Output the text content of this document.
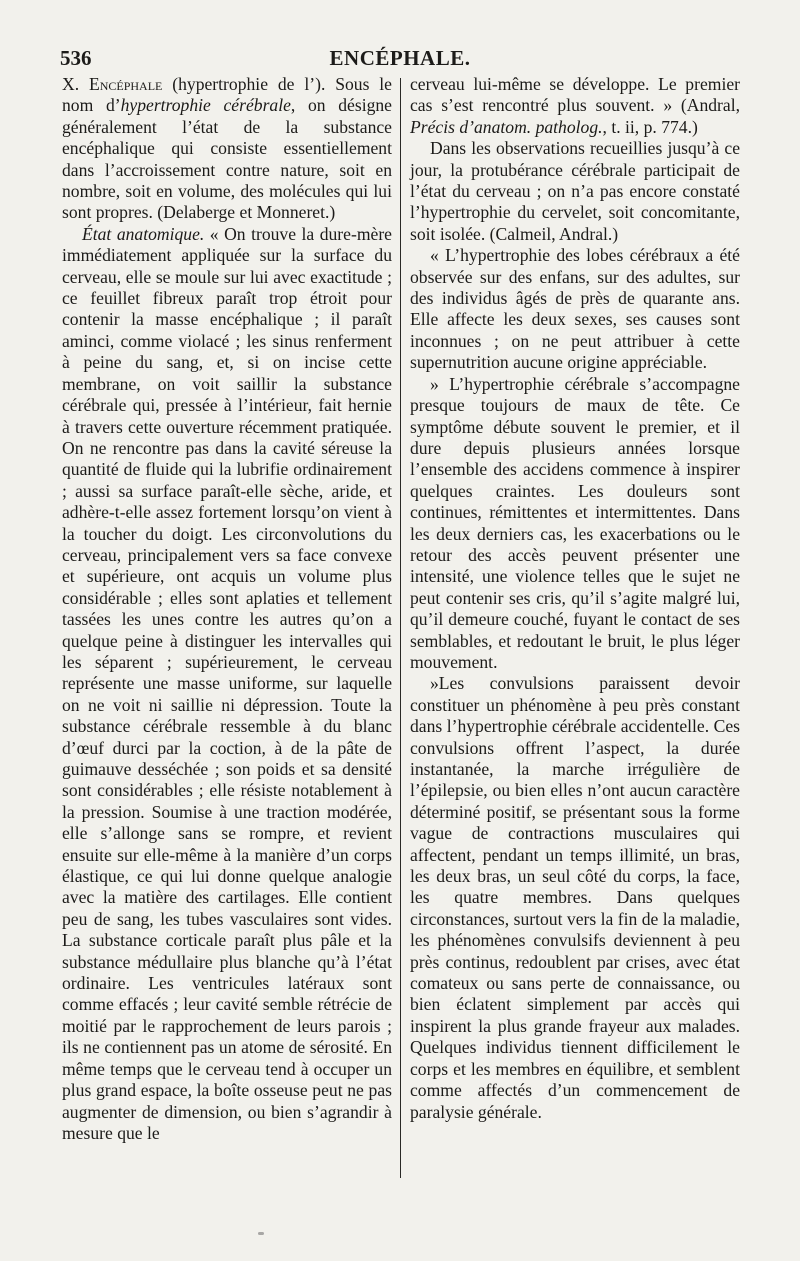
536	ENCÉPHALE.

X. Encéphale (hypertrophie de l’). Sous le nom d’hypertrophie cérébrale, on désigne généralement l’état de la substance encéphalique qui consiste essentiellement dans l’accroissement contre nature, soit en nombre, soit en volume, des molécules qui lui sont propres. (Delaberge et Monneret.)

État anatomique. « On trouve la dure-mère immédiatement appliquée sur la surface du cerveau, elle se moule sur lui avec exactitude ; ce feuillet fibreux paraît trop étroit pour contenir la masse encéphalique ; il paraît aminci, comme violacé ; les sinus renferment à peine du sang, et, si on incise cette membrane, on voit saillir la substance cérébrale qui, pressée à l’intérieur, fait hernie à travers cette ouverture récemment pratiquée. On ne rencontre pas dans la cavité séreuse la quantité de fluide qui la lubrifie ordinairement ; aussi sa surface paraît-elle sèche, aride, et adhère-t-elle assez fortement lorsqu’on vient à la toucher du doigt. Les circonvolutions du cerveau, principalement vers sa face convexe et supérieure, ont acquis un volume plus considérable ; elles sont aplaties et tellement tassées les unes contre les autres qu’on a quelque peine à distinguer les intervalles qui les séparent ; supérieurement, le cerveau représente une masse uniforme, sur laquelle on ne voit ni saillie ni dépression. Toute la substance cérébrale ressemble à du blanc d’œuf durci par la coction, à de la pâte de guimauve desséchée ; son poids et sa densité sont considérables ; elle résiste notablement à la pression. Soumise à une traction modérée, elle s’allonge sans se rompre, et revient ensuite sur elle-même à la manière d’un corps élastique, ce qui lui donne quelque analogie avec la matière des cartilages. Elle contient peu de sang, les tubes vasculaires sont vides. La substance corticale paraît plus pâle et la substance médullaire plus blanche qu’à l’état ordinaire. Les ventricules latéraux sont comme effacés ; leur cavité semble rétrécie de moitié par le rapprochement de leurs parois ; ils ne contiennent pas un atome de sérosité. En même temps que le cerveau tend à occuper un plus grand espace, la boîte osseuse peut ne pas augmenter de dimension, ou bien s’agrandir à mesure que le

cerveau lui-même se développe. Le premier cas s’est rencontré plus souvent. » (Andral, Précis d’anatom. patholog., t. ii, p. 774.)

Dans les observations recueillies jusqu’à ce jour, la protubérance cérébrale participait de l’état du cerveau ; on n’a pas encore constaté l’hypertrophie du cervelet, soit concomitante, soit isolée. (Calmeil, Andral.)

« L’hypertrophie des lobes cérébraux a été observée sur des enfans, sur des adultes, sur des individus âgés de près de quarante ans. Elle affecte les deux sexes, ses causes sont inconnues ; on ne peut attribuer à cette supernutrition aucune origine appréciable.

» L’hypertrophie cérébrale s’accompagne presque toujours de maux de tête. Ce symptôme débute souvent le premier, et il dure depuis plusieurs années lorsque l’ensemble des accidens commence à inspirer quelques craintes. Les douleurs sont continues, rémittentes et intermittentes. Dans les deux derniers cas, les exacerbations ou le retour des accès peuvent présenter une intensité, une violence telles que le sujet ne peut contenir ses cris, qu’il s’agite malgré lui, qu’il demeure couché, fuyant le contact de ses semblables, et redoutant le bruit, le plus léger mouvement.

»Les convulsions paraissent devoir constituer un phénomène à peu près constant dans l’hypertrophie cérébrale accidentelle. Ces convulsions offrent l’aspect, la durée instantanée, la marche irrégulière de l’épilepsie, ou bien elles n’ont aucun caractère déterminé positif, se présentant sous la forme vague de contractions musculaires qui affectent, pendant un temps illimité, un bras, les deux bras, un seul côté du corps, la face, les quatre membres. Dans quelques circonstances, surtout vers la fin de la maladie, les phénomènes convulsifs deviennent à peu près continus, redoublent par crises, avec état comateux ou sans perte de connaissance, ou bien éclatent simplement par accès qui inspirent la plus grande frayeur aux malades. Quelques individus tiennent difficilement le corps et les membres en équilibre, et semblent comme affectés d’un commencement de paralysie générale.
